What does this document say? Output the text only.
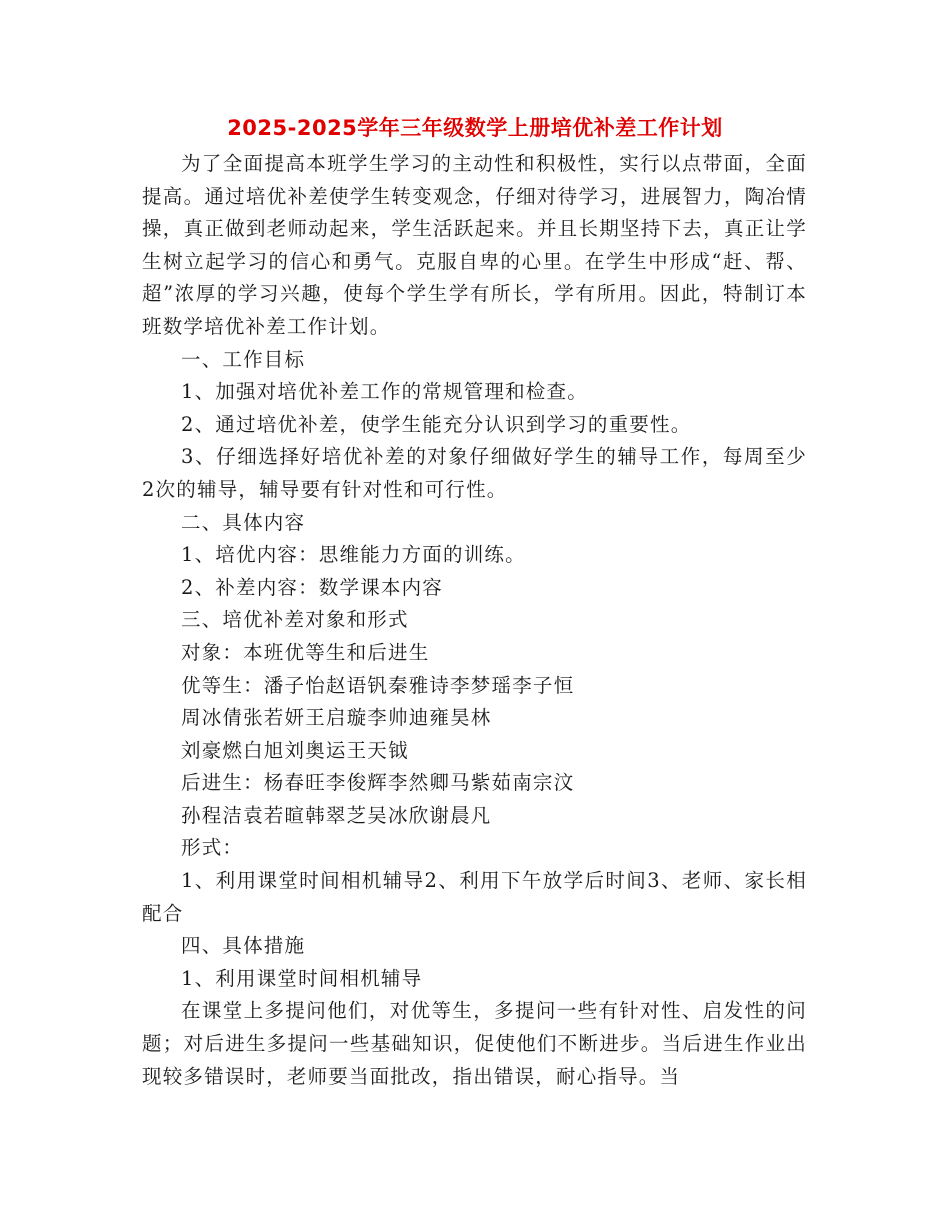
2025-2025学年三年级数学上册培优补差工作计划

为了全面提高本班学生学习的主动性和积极性，实行以点带面，全面提高。通过培优补差使学生转变观念，仔细对待学习，进展智力，陶冶情操，真正做到老师动起来，学生活跃起来。并且长期坚持下去，真正让学生树立起学习的信心和勇气。克服自卑的心里。在学生中形成“赶、帮、超”浓厚的学习兴趣，使每个学生学有所长，学有所用。因此，特制订本班数学培优补差工作计划。

一、工作目标

1、加强对培优补差工作的常规管理和检查。

2、通过培优补差，使学生能充分认识到学习的重要性。

3、仔细选择好培优补差的对象仔细做好学生的辅导工作，每周至少2次的辅导，辅导要有针对性和可行性。

二、具体内容

1、培优内容：思维能力方面的训练。

2、补差内容：数学课本内容

三、培优补差对象和形式

对象：本班优等生和后进生

优等生：潘子怡赵语钒秦雅诗李梦瑶李子恒

周冰倩张若妍王启璇李帅迪雍昊林

刘豪燃白旭刘奥运王天钺

后进生：杨春旺李俊辉李然卿马紫茹南宗汶

孙程洁袁若暄韩翠芝吴冰欣谢晨凡

形式：

1、利用课堂时间相机辅导2、利用下午放学后时间3、老师、家长相配合

四、具体措施

1、利用课堂时间相机辅导

在课堂上多提问他们，对优等生，多提问一些有针对性、启发性的问题；对后进生多提问一些基础知识，促使他们不断进步。当后进生作业出现较多错误时，老师要当面批改，指出错误，耐心指导。当
